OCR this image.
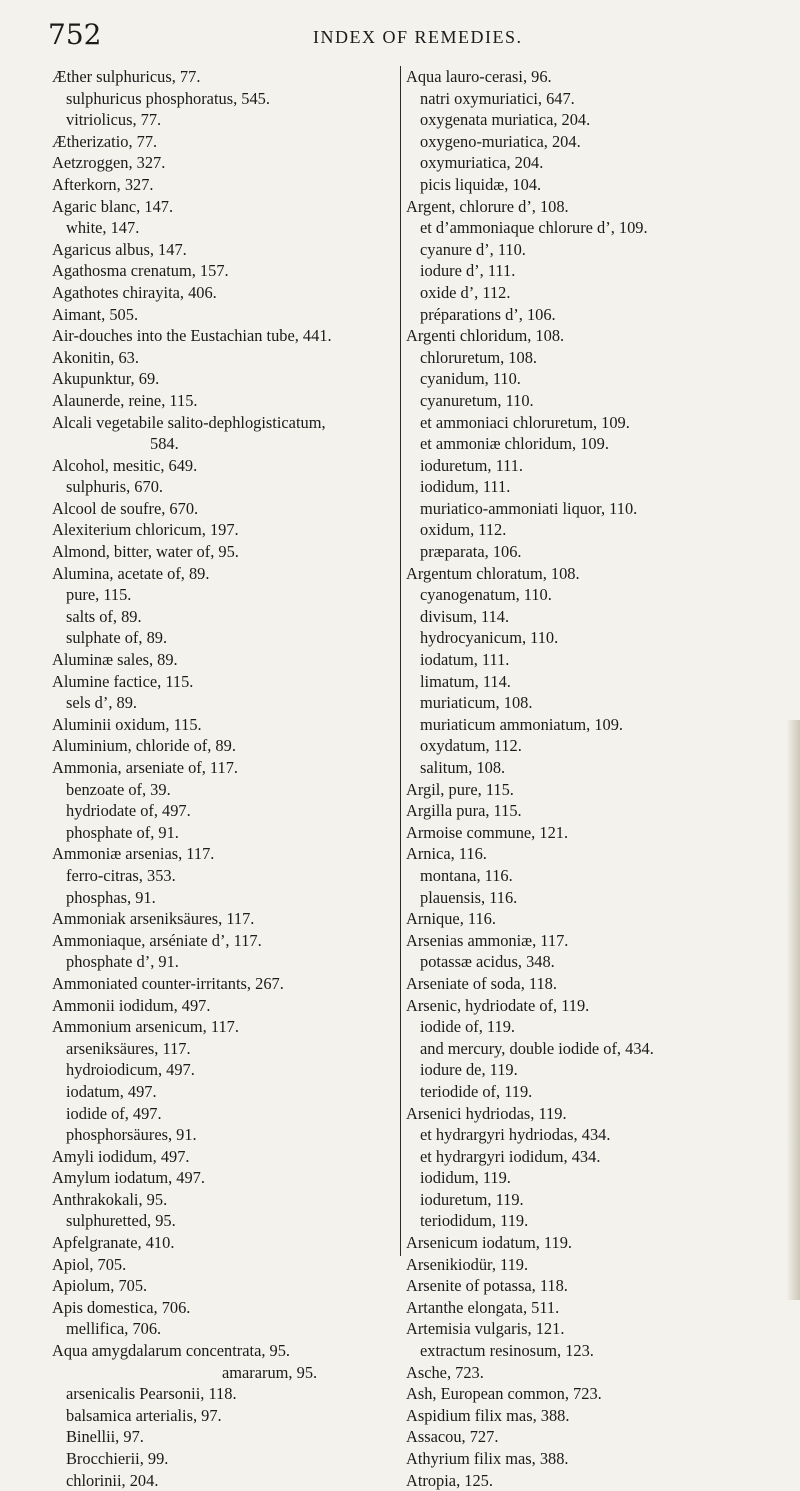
752	INDEX OF REMEDIES.
Æther sulphuricus, 77.
sulphuricus phosphoratus, 545.
vitriolicus, 77.
Ætherizatio, 77.
Aetzroggen, 327.
Afterkorn, 327.
Agaric blanc, 147.
white, 147.
Agaricus albus, 147.
Agathosma crenatum, 157.
Agathotes chirayita, 406.
Aimant, 505.
Air-douches into the Eustachian tube, 441.
Akonitin, 63.
Akupunktur, 69.
Alaunerde, reine, 115.
Alcali vegetabile salito-dephlogisticatum,
584.
Alcohol, mesitic, 649.
sulphuris, 670.
Alcool de soufre, 670.
Alexiterium chloricum, 197.
Almond, bitter, water of, 95.
Alumina, acetate of, 89.
pure, 115.
salts of, 89.
sulphate of, 89.
Aluminæ sales, 89.
Alumine factice, 115.
sels d’, 89.
Aluminii oxidum, 115.
Aluminium, chloride of, 89.
Ammonia, arseniate of, 117.
benzoate of, 39.
hydriodate of, 497.
phosphate of, 91.
Ammoniæ arsenias, 117.
ferro-citras, 353.
phosphas, 91.
Ammoniak arseniksäures, 117.
Ammoniaque, arséniate d’, 117.
phosphate d’, 91.
Ammoniated counter-irritants, 267.
Ammonii iodidum, 497.
Ammonium arsenicum, 117.
arseniksäures, 117.
hydroiodicum, 497.
iodatum, 497.
iodide of, 497.
phosphorsäures, 91.
Amyli iodidum, 497.
Amylum iodatum, 497.
Anthrakokali, 95.
sulphuretted, 95.
Apfelgranate, 410.
Apiol, 705.
Apiolum, 705.
Apis domestica, 706.
mellifica, 706.
Aqua amygdalarum concentrata, 95.
amararum, 95.
arsenicalis Pearsonii, 118.
balsamica arterialis, 97.
Binellii, 97.
Brocchierii, 99.
chlorinii, 204.
Aqua lauro-cerasi, 96.
natri oxymuriatici, 647.
oxygenata muriatica, 204.
oxygeno-muriatica, 204.
oxymuriatica, 204.
picis liquidæ, 104.
Argent, chlorure d’, 108.
et d’ammoniaque chlorure d’, 109.
cyanure d’, 110.
iodure d’, 111.
oxide d’, 112.
préparations d’, 106.
Argenti chloridum, 108.
chloruretum, 108.
cyanidum, 110.
cyanuretum, 110.
et ammoniaci chloruretum, 109.
et ammoniæ chloridum, 109.
ioduretum, 111.
iodidum, 111.
muriatico-ammoniati liquor, 110.
oxidum, 112.
præparata, 106.
Argentum chloratum, 108.
cyanogenatum, 110.
divisum, 114.
hydrocyanicum, 110.
iodatum, 111.
limatum, 114.
muriaticum, 108.
muriaticum ammoniatum, 109.
oxydatum, 112.
salitum, 108.
Argil, pure, 115.
Argilla pura, 115.
Armoise commune, 121.
Arnica, 116.
montana, 116.
plauensis, 116.
Arnique, 116.
Arsenias ammoniæ, 117.
potassæ acidus, 348.
Arseniate of soda, 118.
Arsenic, hydriodate of, 119.
iodide of, 119.
and mercury, double iodide of, 434.
iodure de, 119.
teriodide of, 119.
Arsenici hydriodas, 119.
et hydrargyri hydriodas, 434.
et hydrargyri iodidum, 434.
iodidum, 119.
ioduretum, 119.
teriodidum, 119.
Arsenicum iodatum, 119.
Arsenikiodür, 119.
Arsenite of potassa, 118.
Artanthe elongata, 511.
Artemisia vulgaris, 121.
extractum resinosum, 123.
Asche, 723.
Ash, European common, 723.
Aspidium filix mas, 388.
Assacou, 727.
Athyrium filix mas, 388.
Atropia, 125.
